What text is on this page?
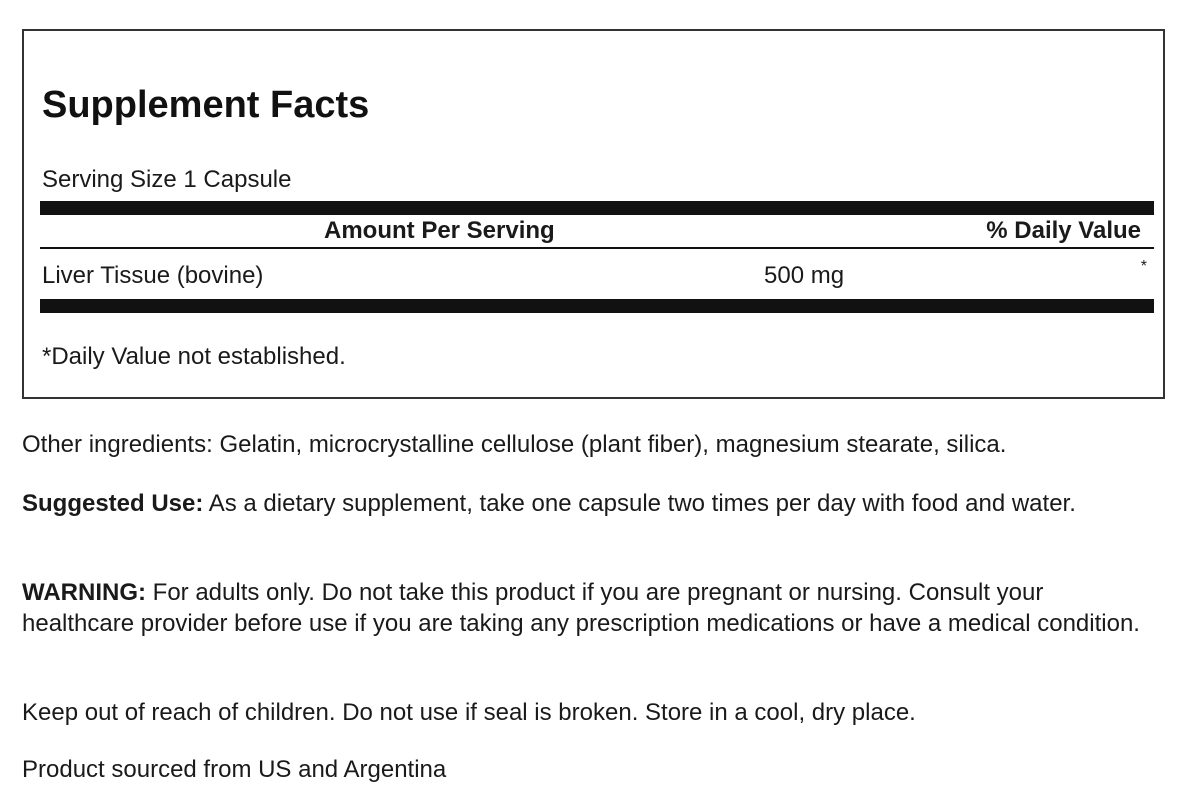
Supplement Facts
Serving Size 1 Capsule
Amount Per Serving	% Daily Value
Liver Tissue (bovine)	500 mg	*
*Daily Value not established.

Other ingredients: Gelatin, microcrystalline cellulose (plant fiber), magnesium stearate, silica.

Suggested Use: As a dietary supplement, take one capsule two times per day with food and water.

WARNING: For adults only. Do not take this product if you are pregnant or nursing. Consult your healthcare provider before use if you are taking any prescription medications or have a medical condition.

Keep out of reach of children. Do not use if seal is broken. Store in a cool, dry place.

Product sourced from US and Argentina
